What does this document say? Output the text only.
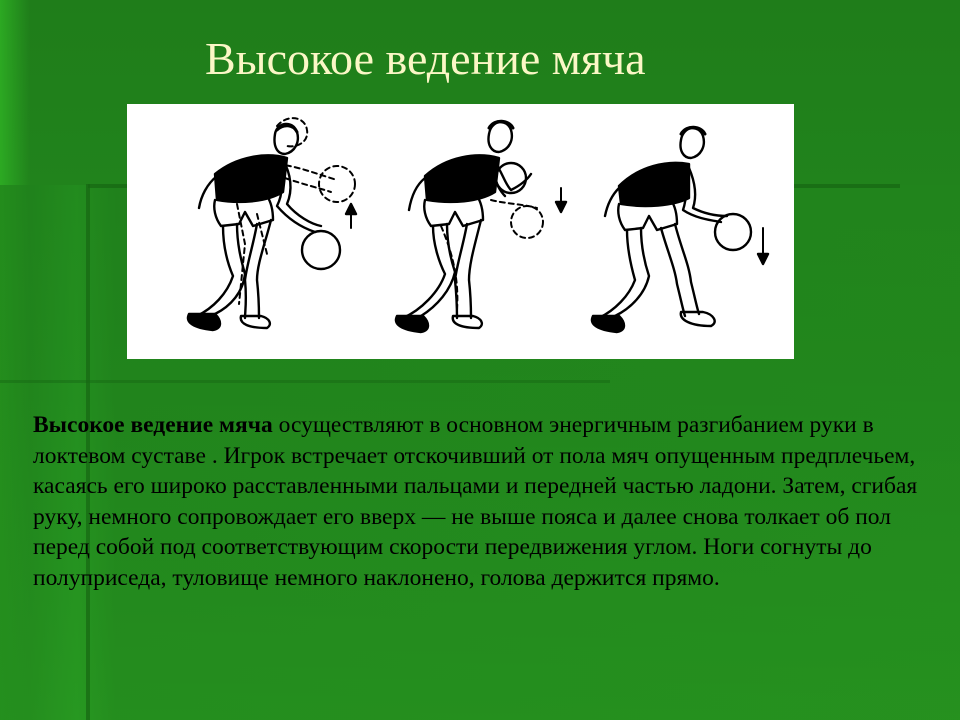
Высокое ведение мяча

Высокое ведение мяча осуществляют в основном энергичным разгибанием руки в локтевом суставе . Игрок встречает отскочивший от пола мяч опущенным предплечьем, касаясь его широко расставленными пальцами и передней частью ладони. Затем, сгибая руку, немного сопровождает его вверх — не выше пояса и далее снова толкает об пол перед собой под соответствующим скорости передвижения углом. Ноги согнуты до полуприседа, туловище немного наклонено, голова держится прямо.
